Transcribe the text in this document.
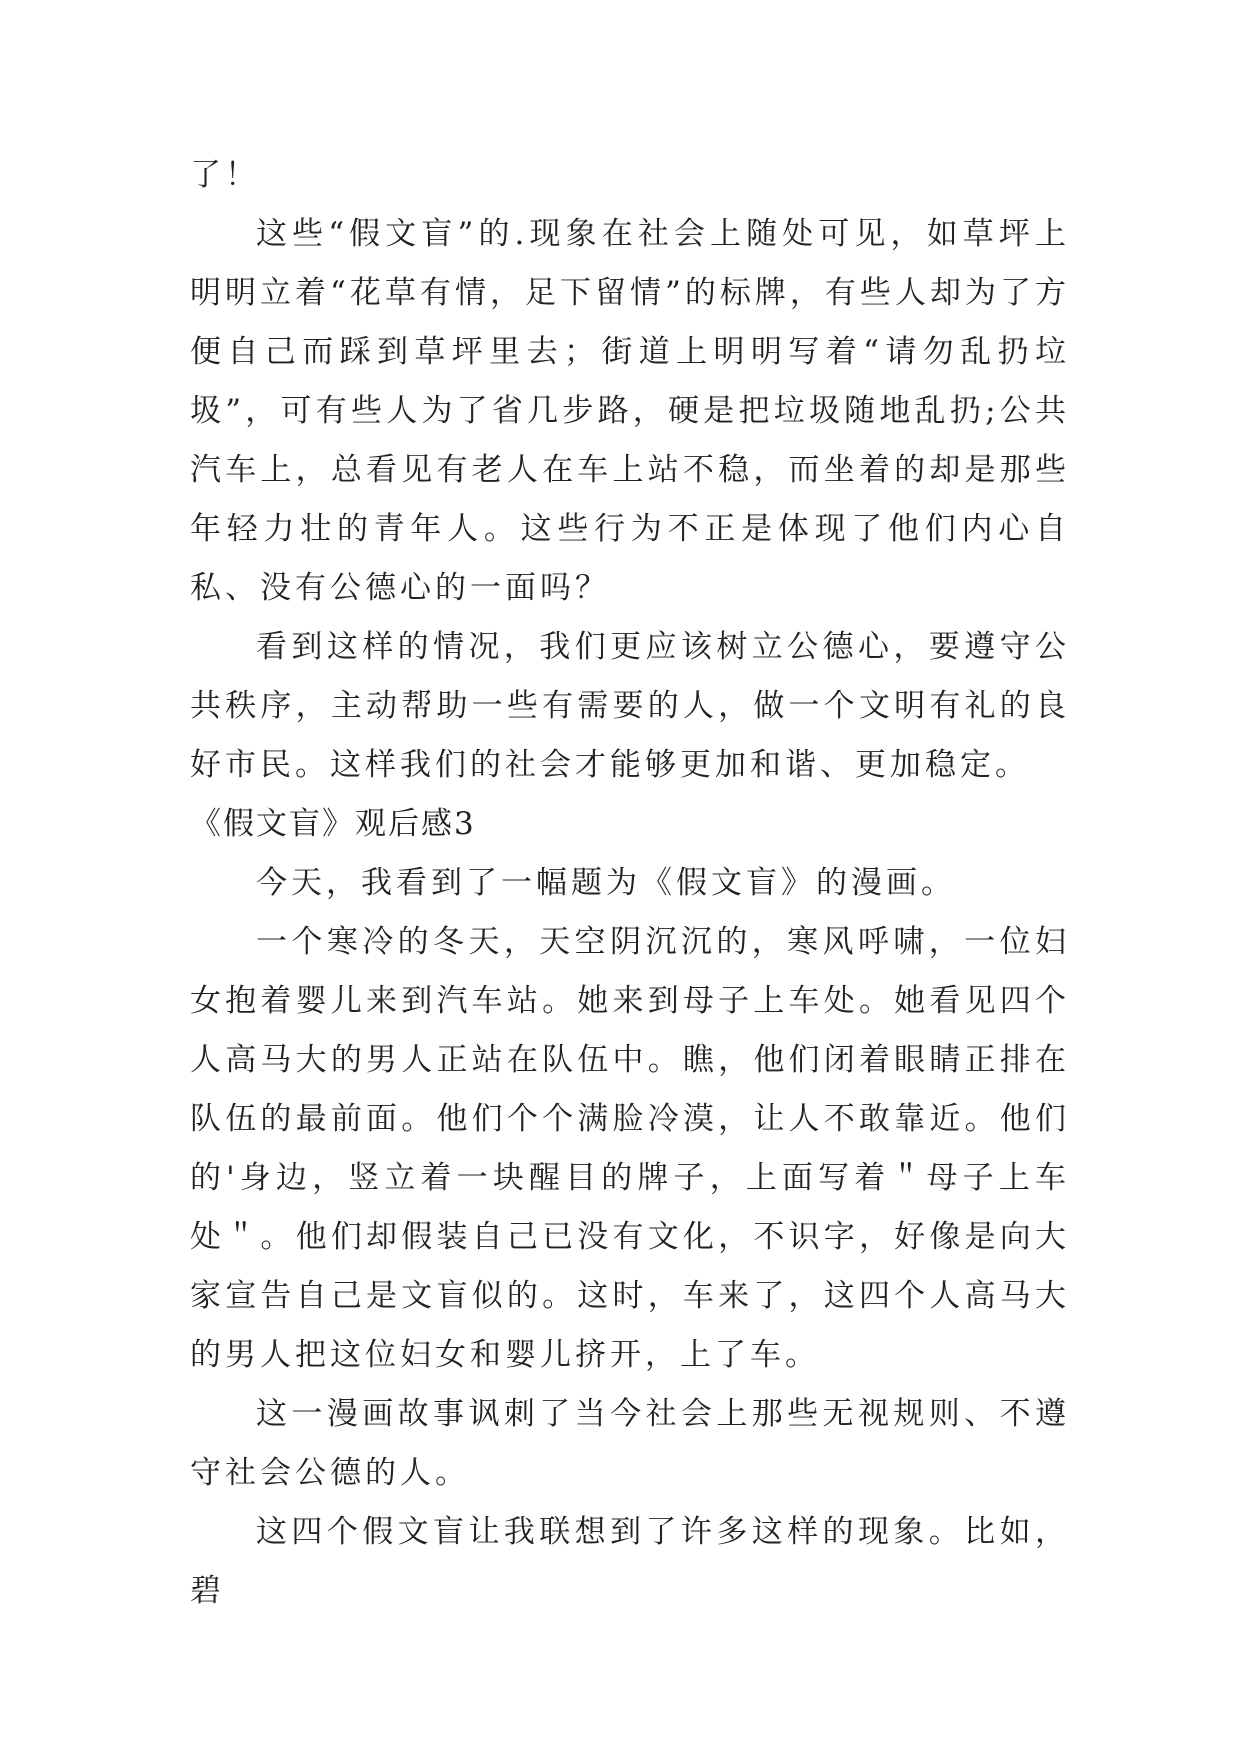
了！

这些“假文盲”的.现象在社会上随处可见，如草坪上明明立着“花草有情，足下留情”的标牌，有些人却为了方便自己而踩到草坪里去；街道上明明写着“请勿乱扔垃圾”，可有些人为了省几步路，硬是把垃圾随地乱扔;公共汽车上，总看见有老人在车上站不稳，而坐着的却是那些年轻力壮的青年人。这些行为不正是体现了他们内心自私、没有公德心的一面吗？

看到这样的情况，我们更应该树立公德心，要遵守公共秩序，主动帮助一些有需要的人，做一个文明有礼的良好市民。这样我们的社会才能够更加和谐、更加稳定。

《假文盲》观后感3

今天，我看到了一幅题为《假文盲》的漫画。

一个寒冷的冬天，天空阴沉沉的，寒风呼啸，一位妇女抱着婴儿来到汽车站。她来到母子上车处。她看见四个人高马大的男人正站在队伍中。瞧，他们闭着眼睛正排在队伍的最前面。他们个个满脸冷漠，让人不敢靠近。他们的'身边，竖立着一块醒目的牌子，上面写着＂母子上车处＂。他们却假装自己已没有文化，不识字，好像是向大家宣告自己是文盲似的。这时，车来了，这四个人高马大的男人把这位妇女和婴儿挤开，上了车。

这一漫画故事讽刺了当今社会上那些无视规则、不遵守社会公德的人。

这四个假文盲让我联想到了许多这样的现象。比如，碧
